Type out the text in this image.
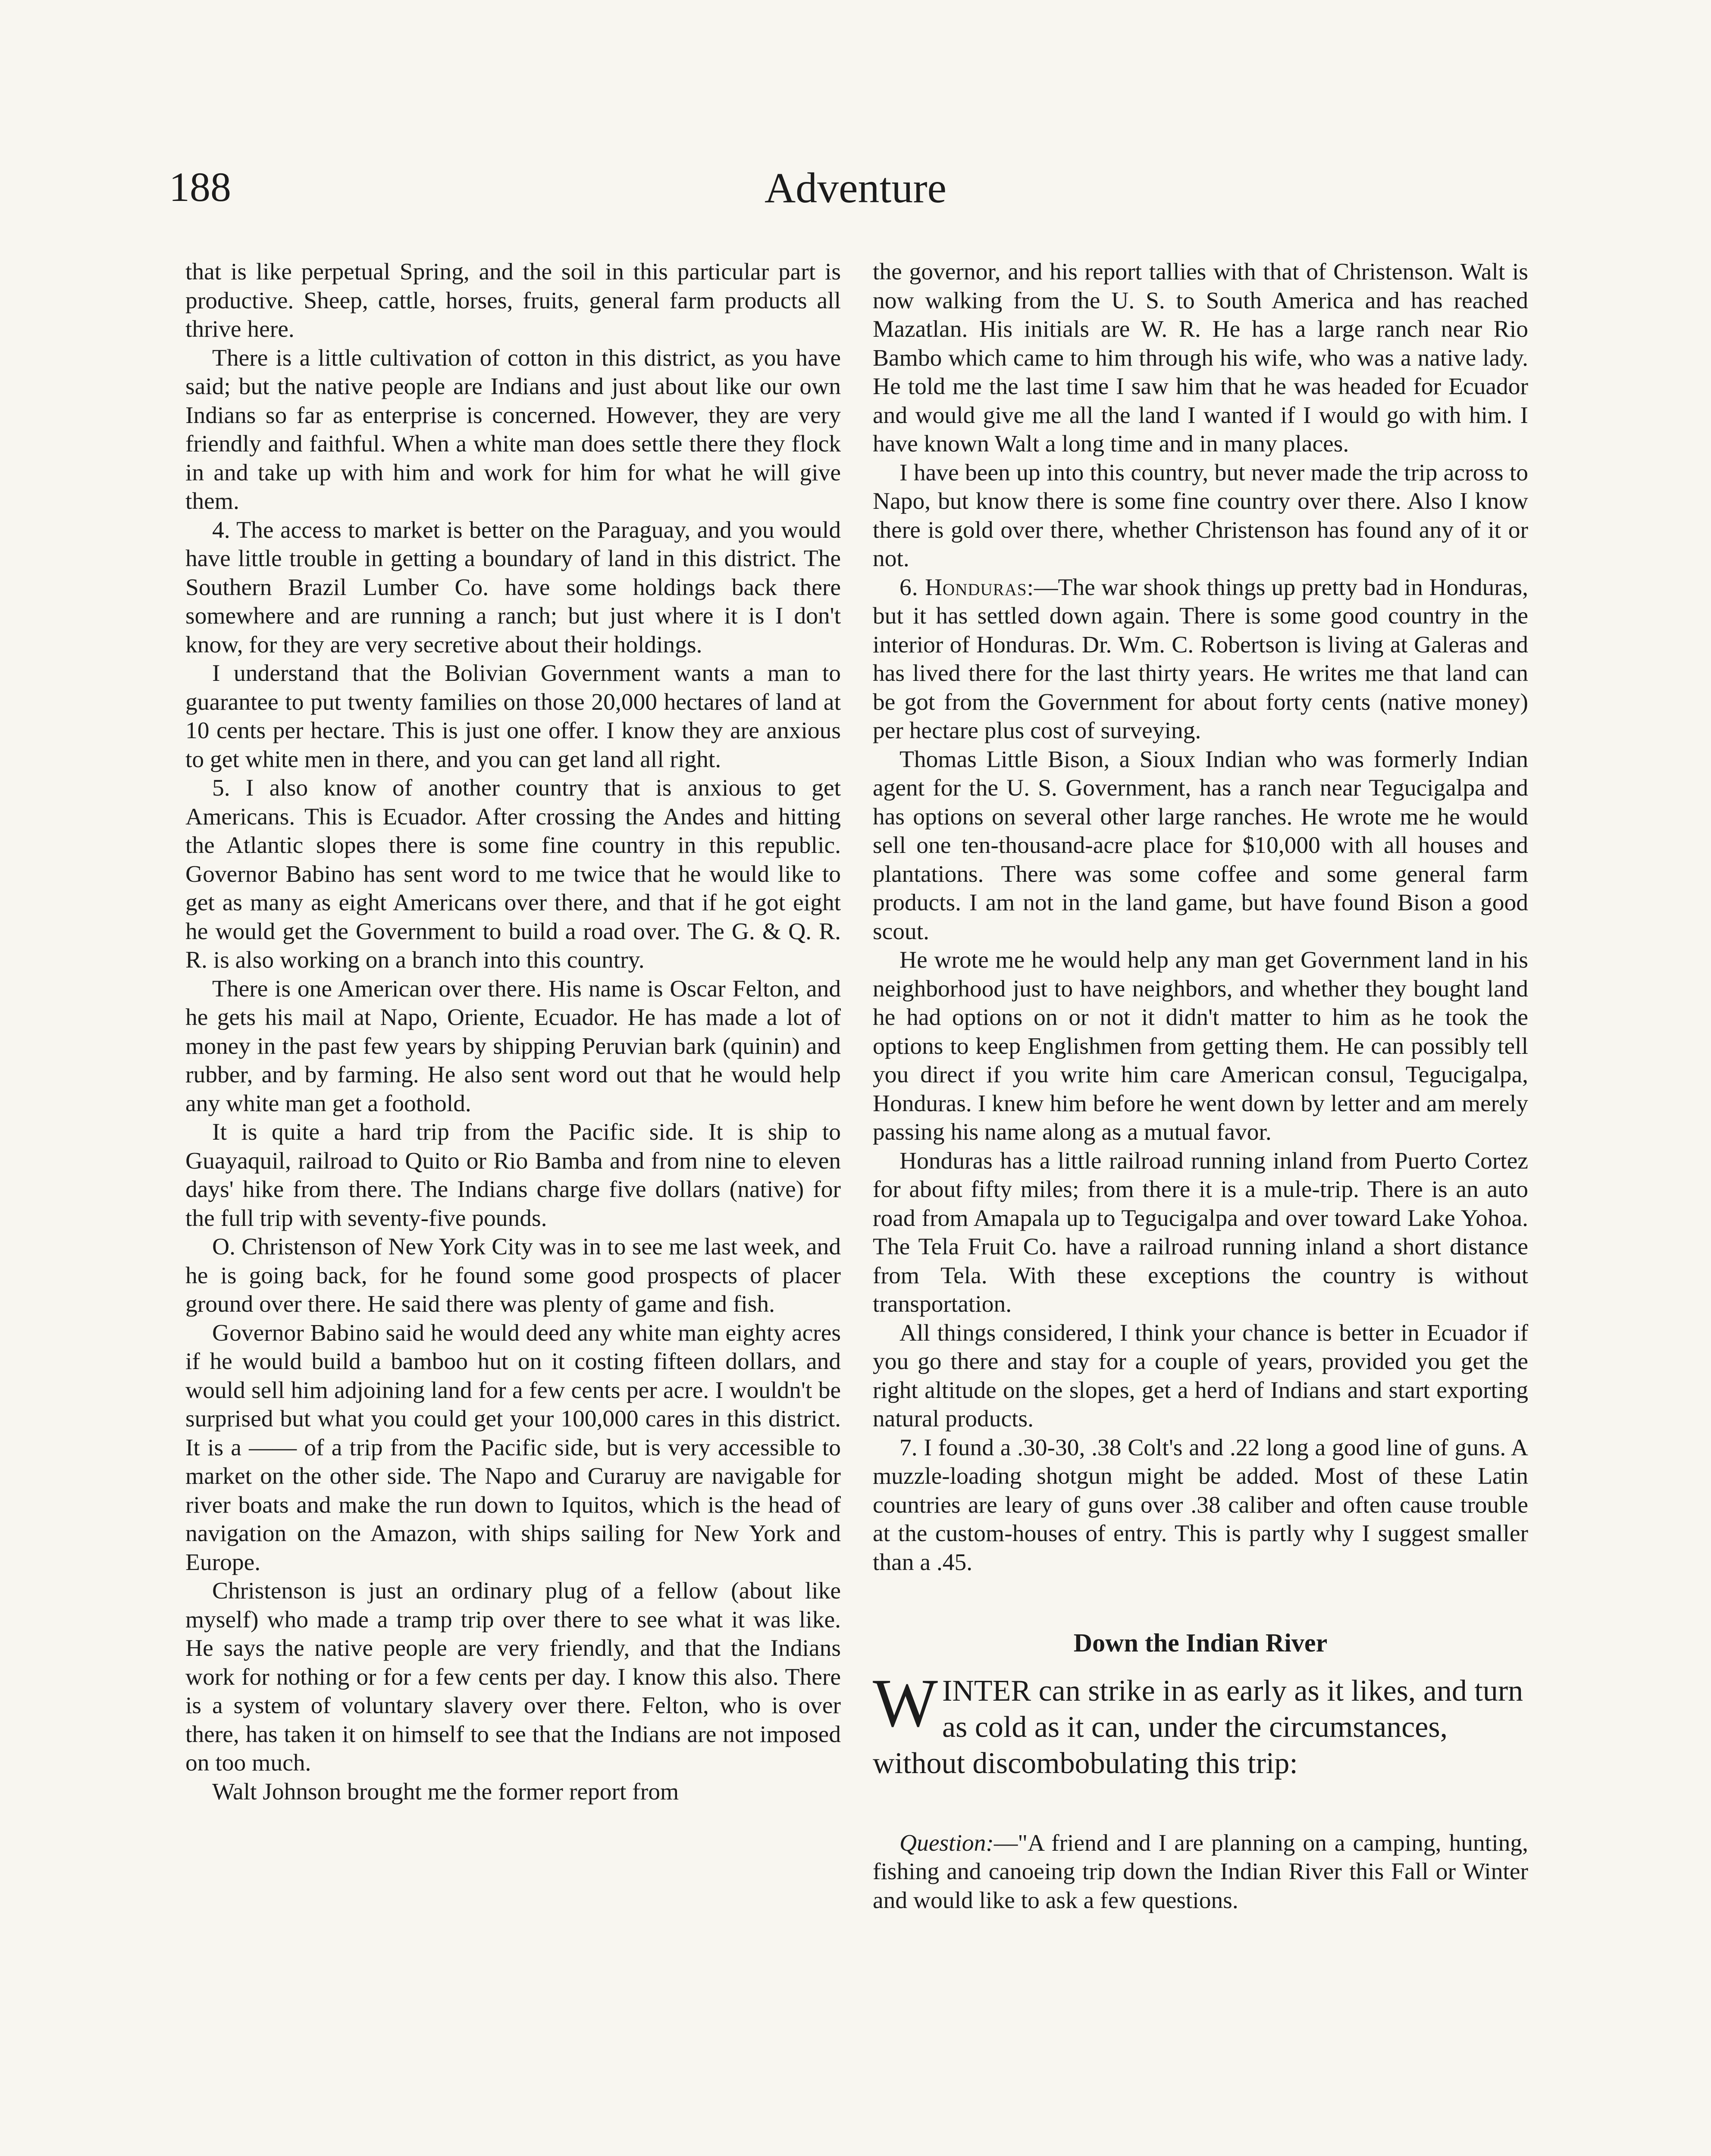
188	Adventure

that is like perpetual Spring, and the soil in this particular part is productive. Sheep, cattle, horses, fruits, general farm products all thrive here.

There is a little cultivation of cotton in this district, as you have said; but the native people are Indians and just about like our own Indians so far as enterprise is concerned. However, they are very friendly and faithful. When a white man does settle there they flock in and take up with him and work for him for what he will give them.

4. The access to market is better on the Paraguay, and you would have little trouble in getting a boundary of land in this district. The Southern Brazil Lumber Co. have some holdings back there somewhere and are running a ranch; but just where it is I don't know, for they are very secretive about their holdings.

I understand that the Bolivian Government wants a man to guarantee to put twenty families on those 20,000 hectares of land at 10 cents per hectare. This is just one offer. I know they are anxious to get white men in there, and you can get land all right.

5. I also know of another country that is anxious to get Americans. This is Ecuador. After crossing the Andes and hitting the Atlantic slopes there is some fine country in this republic. Governor Babino has sent word to me twice that he would like to get as many as eight Americans over there, and that if he got eight he would get the Government to build a road over. The G. & Q. R. R. is also working on a branch into this country.

There is one American over there. His name is Oscar Felton, and he gets his mail at Napo, Oriente, Ecuador. He has made a lot of money in the past few years by shipping Peruvian bark (quinin) and rubber, and by farming. He also sent word out that he would help any white man get a foothold.

It is quite a hard trip from the Pacific side. It is ship to Guayaquil, railroad to Quito or Rio Bamba and from nine to eleven days' hike from there. The Indians charge five dollars (native) for the full trip with seventy-five pounds.

O. Christenson of New York City was in to see me last week, and he is going back, for he found some good prospects of placer ground over there. He said there was plenty of game and fish.

Governor Babino said he would deed any white man eighty acres if he would build a bamboo hut on it costing fifteen dollars, and would sell him adjoining land for a few cents per acre. I wouldn't be surprised but what you could get your 100,000 cares in this district. It is a —— of a trip from the Pacific side, but is very accessible to market on the other side. The Napo and Curaruy are navigable for river boats and make the run down to Iquitos, which is the head of navigation on the Amazon, with ships sailing for New York and Europe.

Christenson is just an ordinary plug of a fellow (about like myself) who made a tramp trip over there to see what it was like. He says the native people are very friendly, and that the Indians work for nothing or for a few cents per day. I know this also. There is a system of voluntary slavery over there. Felton, who is over there, has taken it on himself to see that the Indians are not imposed on too much.

Walt Johnson brought me the former report from

the governor, and his report tallies with that of Christenson. Walt is now walking from the U. S. to South America and has reached Mazatlan. His initials are W. R. He has a large ranch near Rio Bambo which came to him through his wife, who was a native lady. He told me the last time I saw him that he was headed for Ecuador and would give me all the land I wanted if I would go with him. I have known Walt a long time and in many places.

I have been up into this country, but never made the trip across to Napo, but know there is some fine country over there. Also I know there is gold over there, whether Christenson has found any of it or not.

6. Honduras:—The war shook things up pretty bad in Honduras, but it has settled down again. There is some good country in the interior of Honduras. Dr. Wm. C. Robertson is living at Galeras and has lived there for the last thirty years. He writes me that land can be got from the Government for about forty cents (native money) per hectare plus cost of surveying.

Thomas Little Bison, a Sioux Indian who was formerly Indian agent for the U. S. Government, has a ranch near Tegucigalpa and has options on several other large ranches. He wrote me he would sell one ten-thousand-acre place for $10,000 with all houses and plantations. There was some coffee and some general farm products. I am not in the land game, but have found Bison a good scout.

He wrote me he would help any man get Government land in his neighborhood just to have neighbors, and whether they bought land he had options on or not it didn't matter to him as he took the options to keep Englishmen from getting them. He can possibly tell you direct if you write him care American consul, Tegucigalpa, Honduras. I knew him before he went down by letter and am merely passing his name along as a mutual favor.

Honduras has a little railroad running inland from Puerto Cortez for about fifty miles; from there it is a mule-trip. There is an auto road from Amapala up to Tegucigalpa and over toward Lake Yohoa. The Tela Fruit Co. have a railroad running inland a short distance from Tela. With these exceptions the country is without transportation.

All things considered, I think your chance is better in Ecuador if you go there and stay for a couple of years, provided you get the right altitude on the slopes, get a herd of Indians and start exporting natural products.

7. I found a .30-30, .38 Colt's and .22 long a good line of guns. A muzzle-loading shotgun might be added. Most of these Latin countries are leary of guns over .38 caliber and often cause trouble at the custom-houses of entry. This is partly why I suggest smaller than a .45.

Down the Indian River
WINTER can strike in as early as it likes, and turn as cold as it can, under the circumstances, without discombobulating this trip:

Question:—"A friend and I are planning on a camping, hunting, fishing and canoeing trip down the Indian River this Fall or Winter and would like to ask a few questions.
